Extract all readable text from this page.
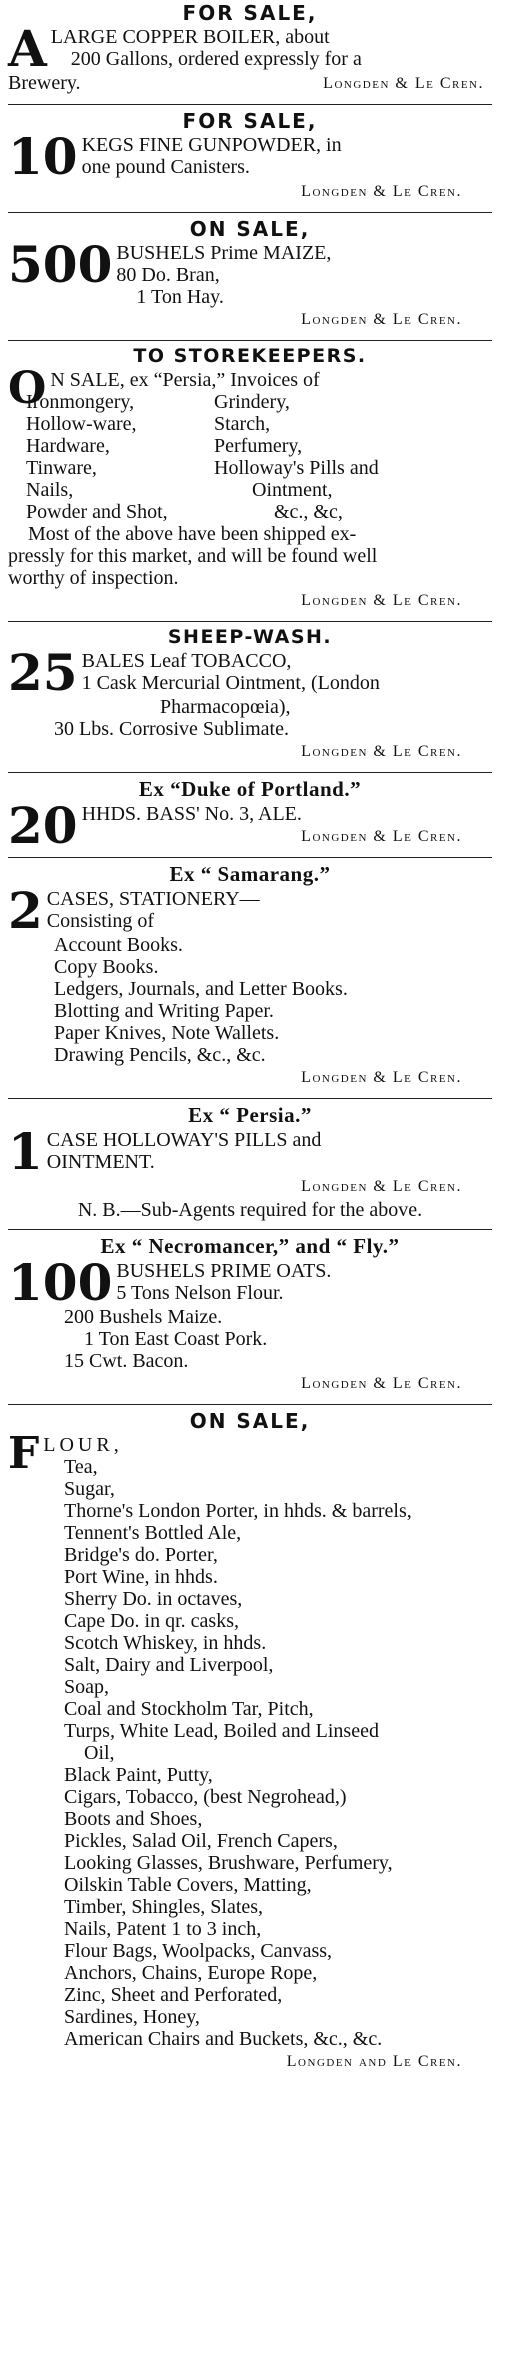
FOR SALE,
A LARGE COPPER BOILER, about
200 Gallons, ordered expressly for a
Brewery.	Longden & Le Cren.
FOR SALE,
10 KEGS FINE GUNPOWDER, in
one pound Canisters.
Longden & Le Cren.
ON SALE,
500 BUSHELS Prime MAIZE,
80 Do. Bran,
1 Ton Hay.
Longden & Le Cren.
TO STOREKEEPERS.
O N SALE, ex “Persia,” Invoices of
Ironmongery,
Hollow-ware,
Hardware,
Tinware,
Nails,
Powder and Shot,
Grindery,
Starch,
Perfumery,
Holloway's Pills and
Ointment,
&c., &c,
Most of the above have been shipped ex-
pressly for this market, and will be found well
worthy of inspection.
Longden & Le Cren.
SHEEP-WASH.
25 BALES Leaf TOBACCO,
1 Cask Mercurial Ointment, (London
Pharmacopœia),
30 Lbs. Corrosive Sublimate.
Longden & Le Cren.
Ex “Duke of Portland.”
20 HHDS. BASS' No. 3, ALE.
Longden & Le Cren.
Ex “ Samarang.”
2 CASES, STATIONERY—
Consisting of
Account Books.
Copy Books.
Ledgers, Journals, and Letter Books.
Blotting and Writing Paper.
Paper Knives, Note Wallets.
Drawing Pencils, &c., &c.
Longden & Le Cren.
Ex “ Persia.”
1 CASE HOLLOWAY'S PILLS and
OINTMENT.
Longden & Le Cren.
N. B.—Sub-Agents required for the above.
Ex “ Necromancer,” and “ Fly.”
100 BUSHELS PRIME OATS.
5 Tons Nelson Flour.
200 Bushels Maize.
1 Ton East Coast Pork.
15 Cwt. Bacon.
Longden & Le Cren.
ON SALE,
F LOUR,
Tea,
Sugar,
Thorne's London Porter, in hhds. & barrels,
Tennent's Bottled Ale,
Bridge's do. Porter,
Port Wine, in hhds.
Sherry Do. in octaves,
Cape Do. in qr. casks,
Scotch Whiskey, in hhds.
Salt, Dairy and Liverpool,
Soap,
Coal and Stockholm Tar, Pitch,
Turps, White Lead, Boiled and Linseed
Oil,
Black Paint, Putty,
Cigars, Tobacco, (best Negrohead,)
Boots and Shoes,
Pickles, Salad Oil, French Capers,
Looking Glasses, Brushware, Perfumery,
Oilskin Table Covers, Matting,
Timber, Shingles, Slates,
Nails, Patent 1 to 3 inch,
Flour Bags, Woolpacks, Canvass,
Anchors, Chains, Europe Rope,
Zinc, Sheet and Perforated,
Sardines, Honey,
American Chairs and Buckets, &c., &c.
Longden and Le Cren.
